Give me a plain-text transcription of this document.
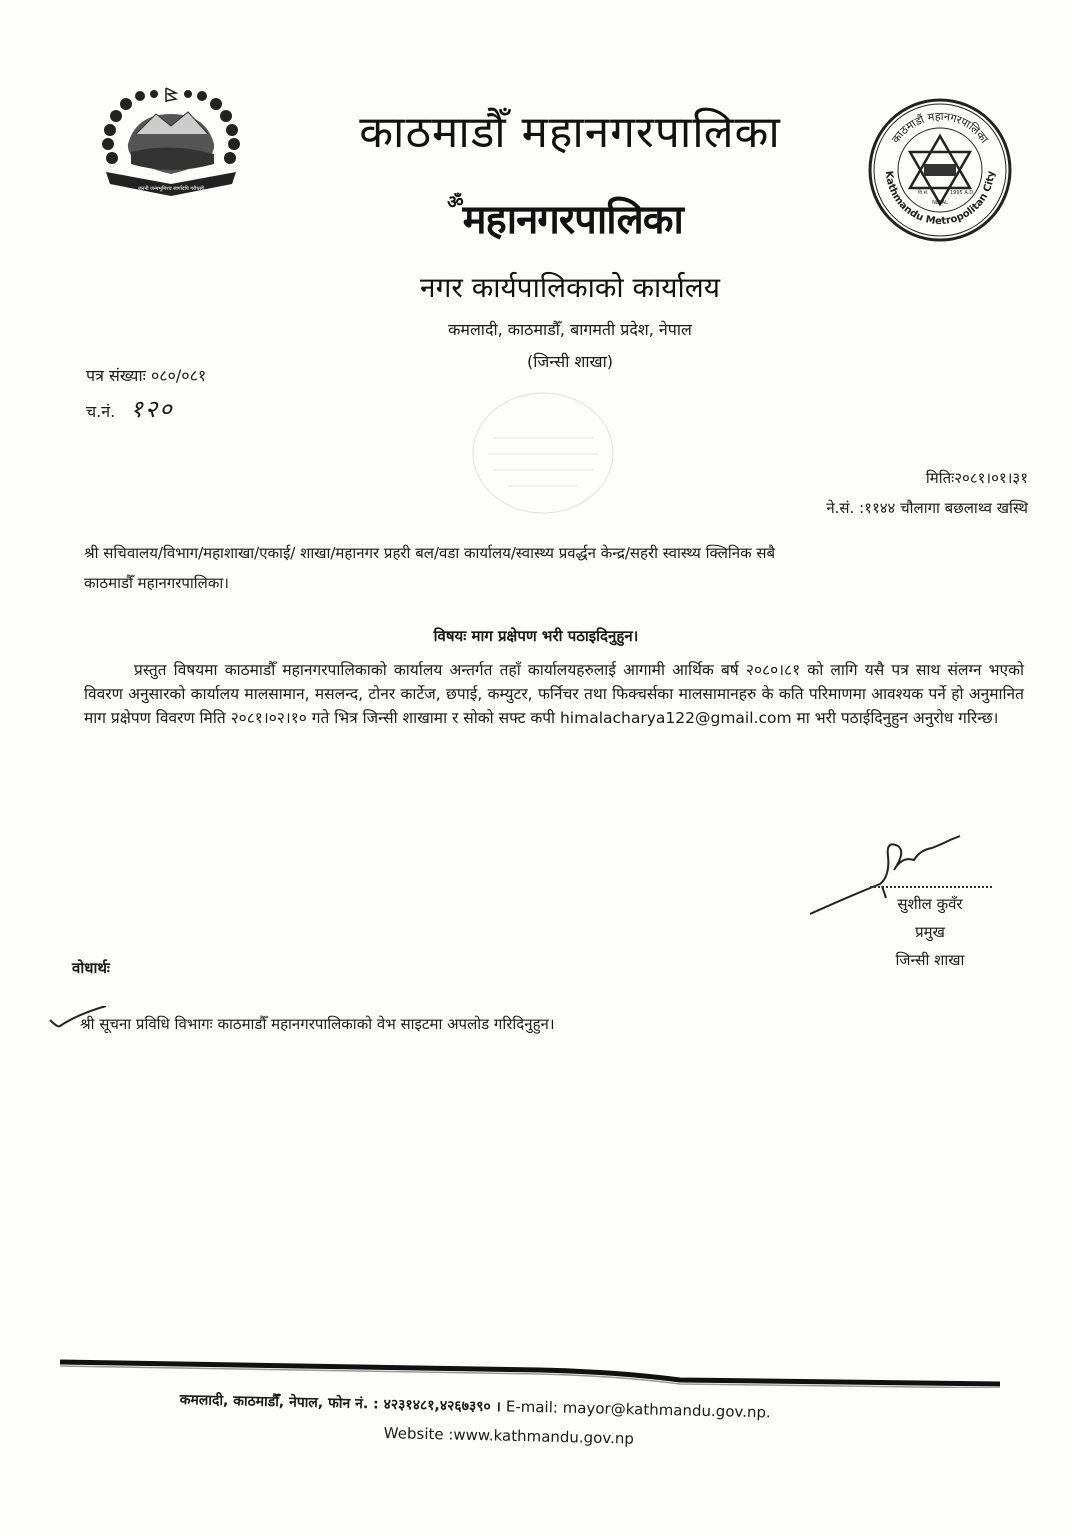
जननी जन्मभूमिश्च स्वर्गादपि गरीयसी
काठमाडौं महानगरपालिका
Kathmandu Metropolitan City
वि.सं.	1995 A.D.
NEPAL
काठमाडौँ महानगरपालिका
$^ॐ$महानगरपालिका
नगर कार्यपालिकाको कार्यालय
कमलादी, काठमाडौँ, बागमती प्रदेश, नेपाल
(जिन्सी शाखा)
पत्र संख्याः ०८०/०८१
च.नं. १२०
मितिः२०८१।०१।३१
ने.सं. :११४४ चौलागा बछलाथ्व खस्थि
श्री सचिवालय/विभाग/महाशाखा/एकाई/ शाखा/महानगर प्रहरी बल/वडा कार्यालय/स्वास्थ्य प्रवर्द्धन केन्द्र/सहरी स्वास्थ्य क्लिनिक सबै
काठमाडौँ महानगरपालिका।
विषयः माग प्रक्षेपण भरी पठाइदिनुहुन।
प्रस्तुत विषयमा काठमाडौँ महानगरपालिकाको कार्यालय अन्तर्गत तहाँ कार्यालयहरुलाई आगामी आर्थिक बर्ष २०८०।८१ को लागि यसै पत्र साथ संलग्न भएको विवरण अनुसारको कार्यालय मालसामान, मसलन्द, टोनर कार्टेज, छपाई, कम्युटर, फर्निचर तथा फिक्चर्सका मालसामानहरु के कति परिमाणमा आवश्यक पर्ने हो अनुमानित माग प्रक्षेपण विवरण मिति २०८१।०२।१० गते भित्र जिन्सी शाखामा र सोको सफ्ट कपी himalacharya122@gmail.com मा भरी पठाईदिनुहुन अनुरोध गरिन्छ।
सुशील कुवँर
प्रमुख
जिन्सी शाखा
वोधार्थः
श्री सूचना प्रविधि विभागः काठमाडौँ महानगरपालिकाको वेभ साइटमा अपलोड गरिदिनुहुन।
कमलादी, काठमाडौँ, नेपाल, फोन नं. : ४२३१४८१,४२६७३९० । E-mail: mayor@kathmandu.gov.np.
Website :www.kathmandu.gov.np
